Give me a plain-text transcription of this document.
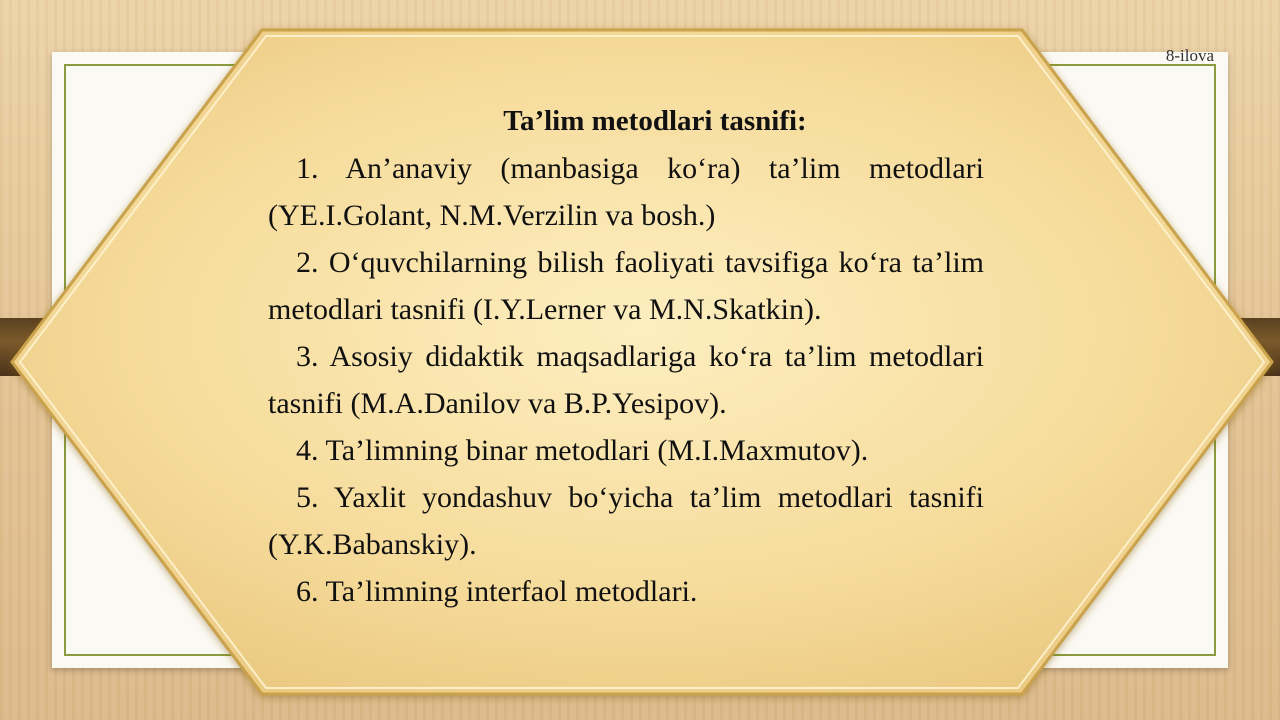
8-ilova

Ta’lim metodlari tasnifi:

1. An’anaviy (manbasiga ko‘ra) ta’lim metodlari (YE.I.Golant, N.M.Verzilin va bosh.)

2. O‘quvchilarning bilish faoliyati tavsifiga ko‘ra ta’lim metodlari tasnifi (I.Y.Lerner va M.N.Skatkin).

3. Asosiy didaktik maqsadlariga ko‘ra ta’lim metodlari tasnifi (M.A.Danilov va B.P.Yesipov).

4. Ta’limning binar metodlari (M.I.Maxmutov).

5. Yaxlit yondashuv bo‘yicha ta’lim metodlari tasnifi (Y.K.Babanskiy).

6. Ta’limning interfaol metodlari.
